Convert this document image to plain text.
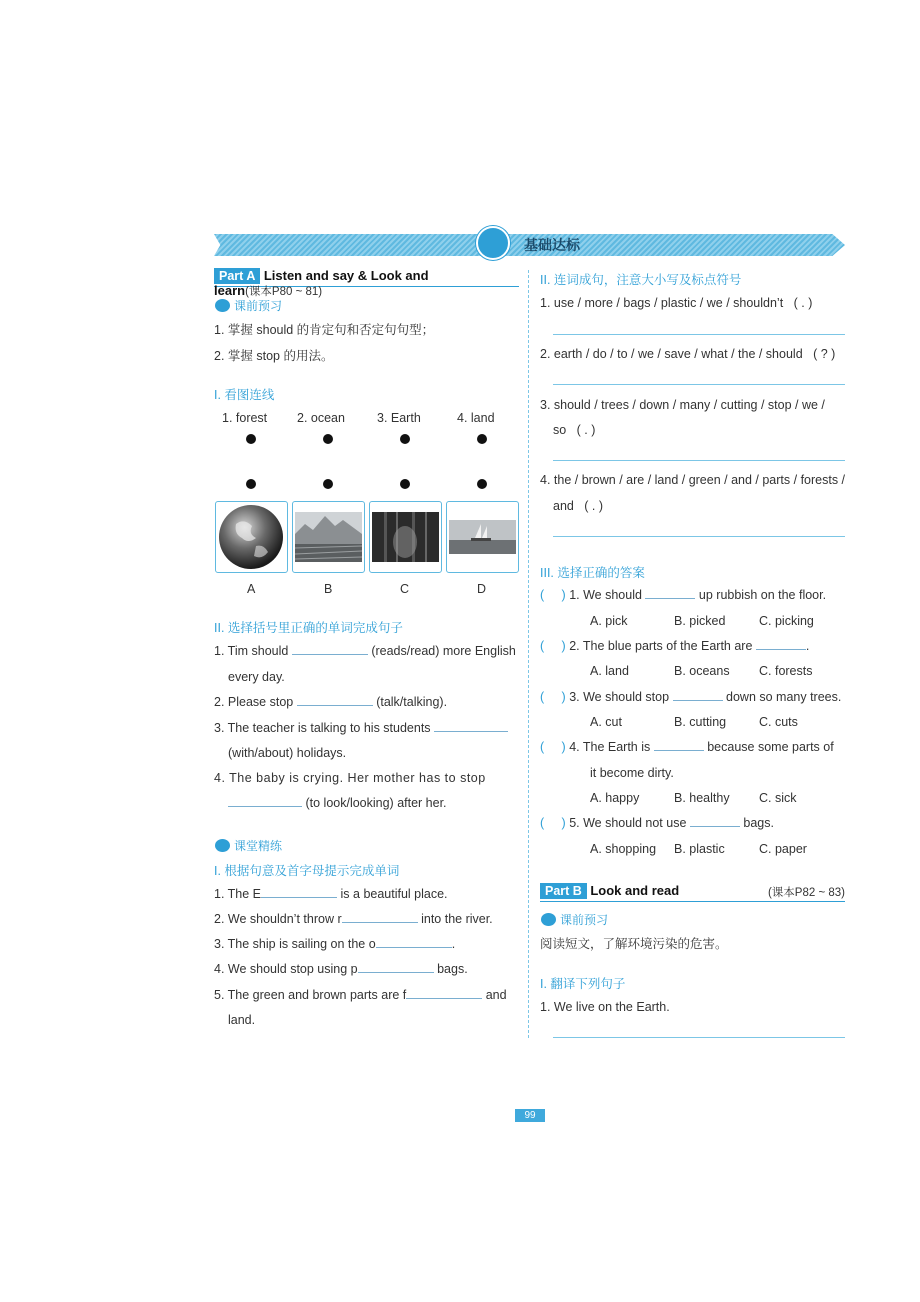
基础达标
Part A Listen and say & Look and learn(课本P80 ~ 81)
课前预习
1. 掌握 should 的肯定句和否定句句型；
2. 掌握 stop 的用法。
I. 看图连线
1. forest 2. ocean	3. Earth	4. land
A	B	C	D
II. 选择括号里正确的单词完成句子
1. Tim should	(reads/read) more English
every day.
2. Please stop	(talk/talking).
3. The teacher is talking to his students
(with/about) holidays.
4. The baby is crying. Her mother has to stop
(to look/looking) after her.
课堂精练
I. 根据句意及首字母提示完成单词
1. The E	is a beautiful place.
2. We shouldn’t throw r	into the river.
3. The ship is sailing on the o	.
4. We should stop using p	bags.
5. The green and brown parts are f	and
land.
II. 连词成句，注意大小写及标点符号
1. use / more / bags / plastic / we / shouldn’t ( . )
2. earth / do / to / we / save / what / the / should ( ? )
3. should / trees / down / many / cutting / stop / we /
so ( . )
4. the / brown / are / land / green / and / parts / forests /
and ( . )
III. 选择正确的答案
( ) 1. We should	up rubbish on the floor.
A. pick	B. picked	C. picking
( ) 2. The blue parts of the Earth are	.
A. land	B. oceans C. forests
( ) 3. We should stop	down so many trees.
A. cut	B. cutting	C. cuts
( ) 4. The Earth is	because some parts of
it become dirty.
A. happy	B. healthy C. sick
( ) 5. We should not use	bags.
A. shopping B. plastic	C. paper
Part B Look and read	(课本P82 ~ 83)
课前预习
阅读短文，了解环境污染的危害。
I. 翻译下列句子
1. We live on the Earth.
99
